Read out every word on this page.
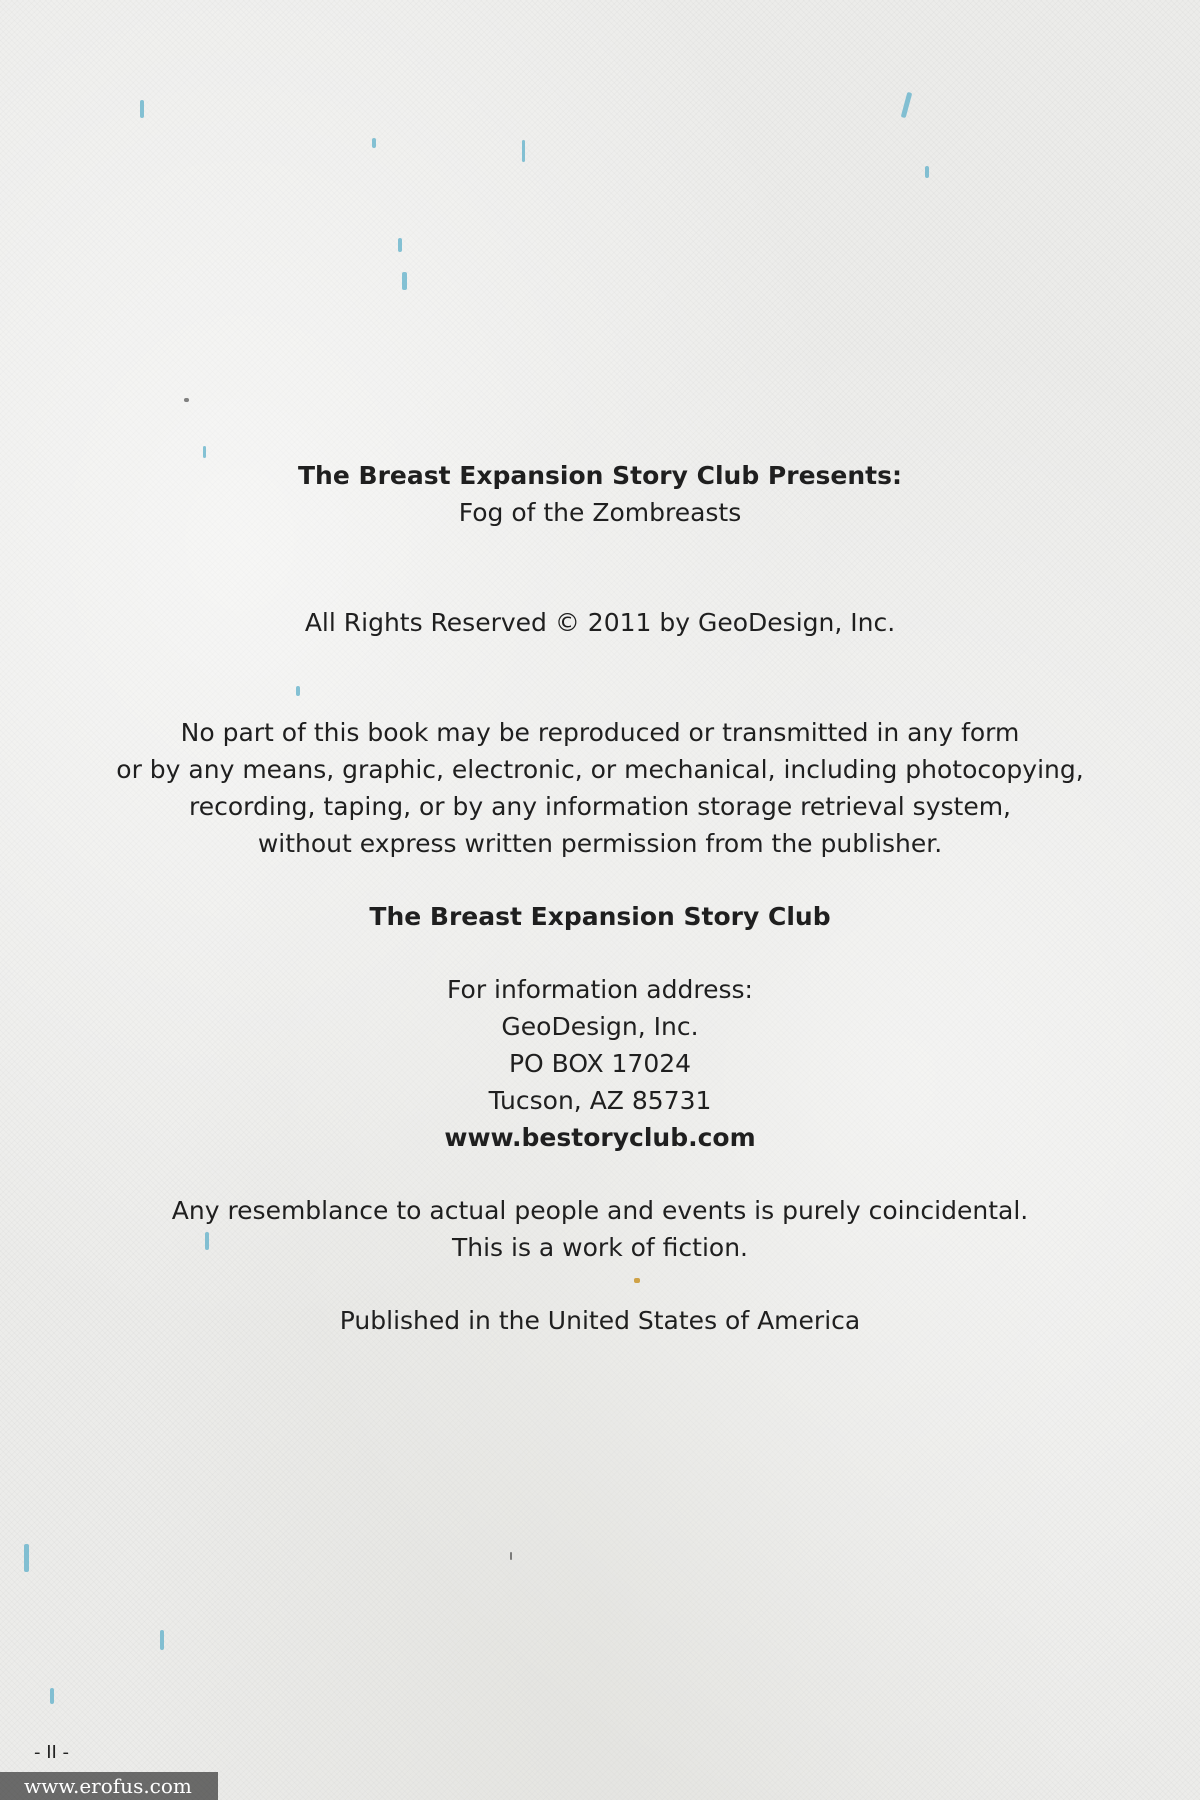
The Breast Expansion Story Club Presents:
Fog of the Zombreasts
All Rights Reserved © 2011 by GeoDesign, Inc.
No part of this book may be reproduced or transmitted in any form
or by any means, graphic, electronic, or mechanical, including photocopying,
recording, taping, or by any information storage retrieval system,
without express written permission from the publisher.
The Breast Expansion Story Club
For information address:
GeoDesign, Inc.
PO BOX 17024
Tucson, AZ 85731
www.bestoryclub.com
Any resemblance to actual people and events is purely coincidental.
This is a work of fiction.
Published in the United States of America
- II -
www.erofus.com
